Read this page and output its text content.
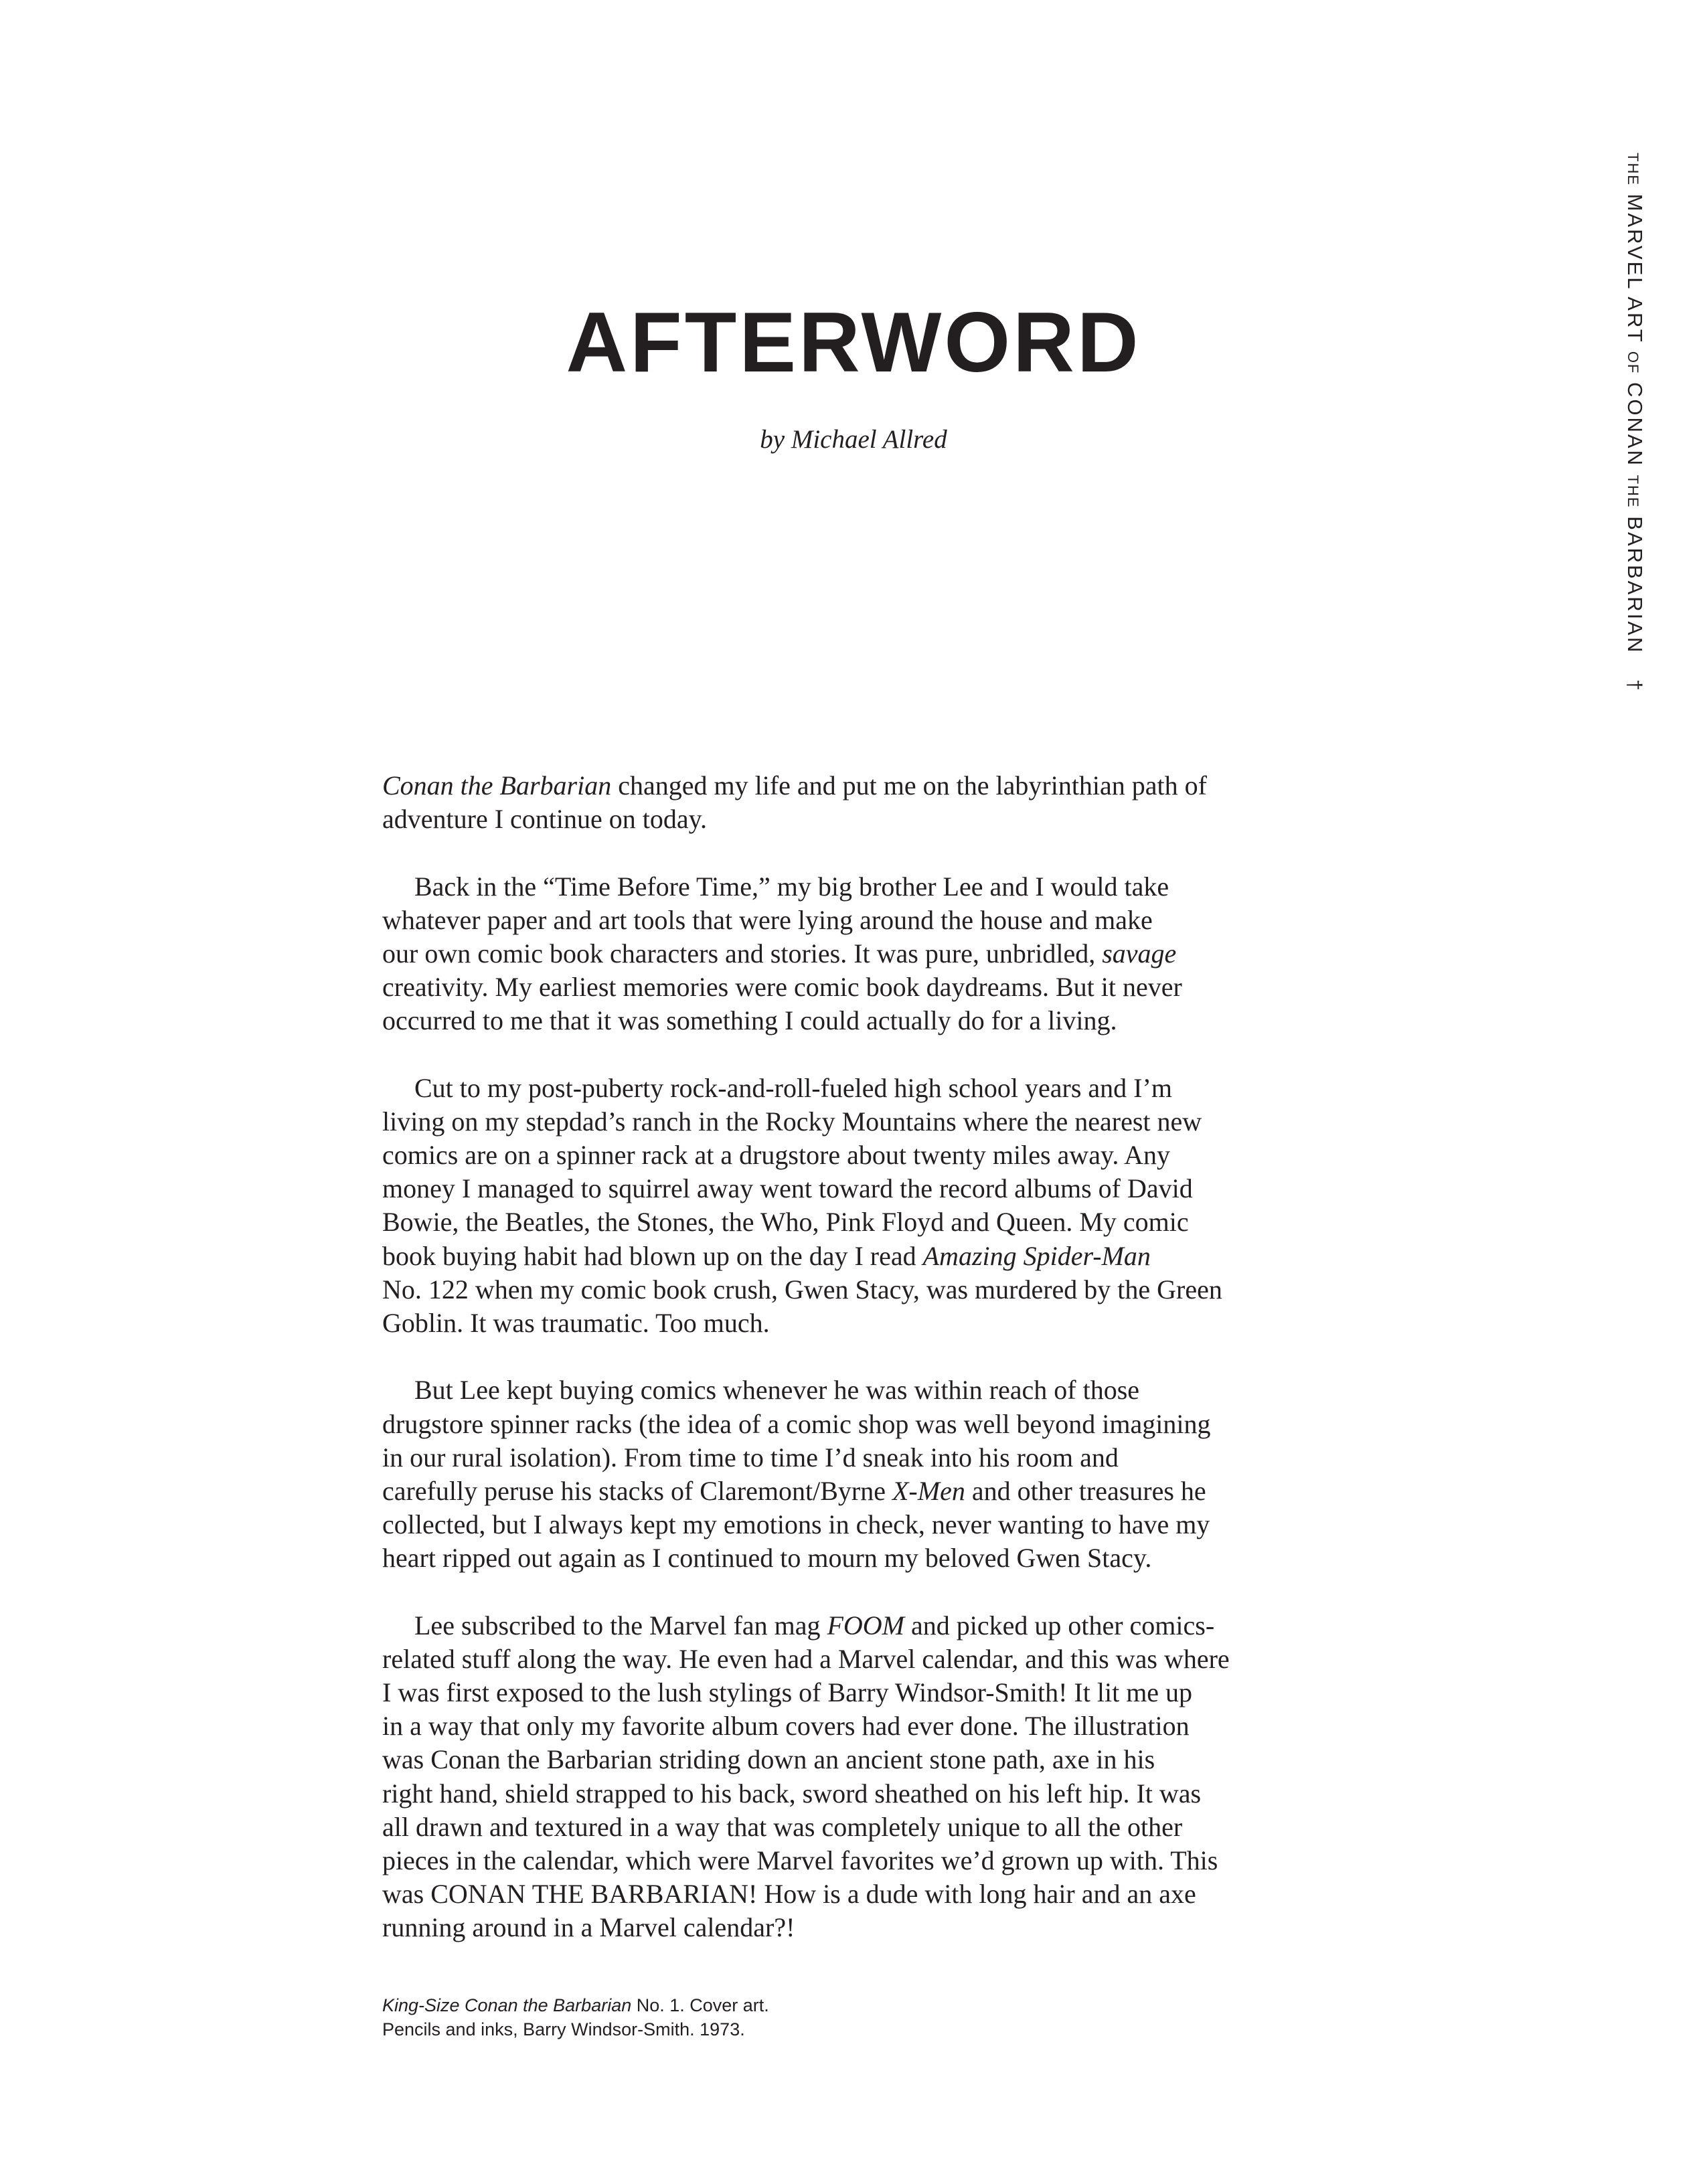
THE MARVEL ART OF CONAN THE BARBARIAN †
AFTERWORD
by Michael Allred
Conan the Barbarian changed my life and put me on the labyrinthian path of
adventure I continue on today.
Back in the “Time Before Time,” my big brother Lee and I would take
whatever paper and art tools that were lying around the house and make
our own comic book characters and stories. It was pure, unbridled, savage
creativity. My earliest memories were comic book daydreams. But it never
occurred to me that it was something I could actually do for a living.
Cut to my post-puberty rock-and-roll-fueled high school years and I’m
living on my stepdad’s ranch in the Rocky Mountains where the nearest new
comics are on a spinner rack at a drugstore about twenty miles away. Any
money I managed to squirrel away went toward the record albums of David
Bowie, the Beatles, the Stones, the Who, Pink Floyd and Queen. My comic
book buying habit had blown up on the day I read Amazing Spider-Man
No. 122 when my comic book crush, Gwen Stacy, was murdered by the Green
Goblin. It was traumatic. Too much.
But Lee kept buying comics whenever he was within reach of those
drugstore spinner racks (the idea of a comic shop was well beyond imagining
in our rural isolation). From time to time I’d sneak into his room and
carefully peruse his stacks of Claremont/Byrne X-Men and other treasures he
collected, but I always kept my emotions in check, never wanting to have my
heart ripped out again as I continued to mourn my beloved Gwen Stacy.
Lee subscribed to the Marvel fan mag FOOM and picked up other comics-
related stuff along the way. He even had a Marvel calendar, and this was where
I was first exposed to the lush stylings of Barry Windsor-Smith! It lit me up
in a way that only my favorite album covers had ever done. The illustration
was Conan the Barbarian striding down an ancient stone path, axe in his
right hand, shield strapped to his back, sword sheathed on his left hip. It was
all drawn and textured in a way that was completely unique to all the other
pieces in the calendar, which were Marvel favorites we’d grown up with. This
was CONAN THE BARBARIAN! How is a dude with long hair and an axe
running around in a Marvel calendar?!
King-Size Conan the Barbarian No. 1. Cover art.
Pencils and inks, Barry Windsor-Smith. 1973.
